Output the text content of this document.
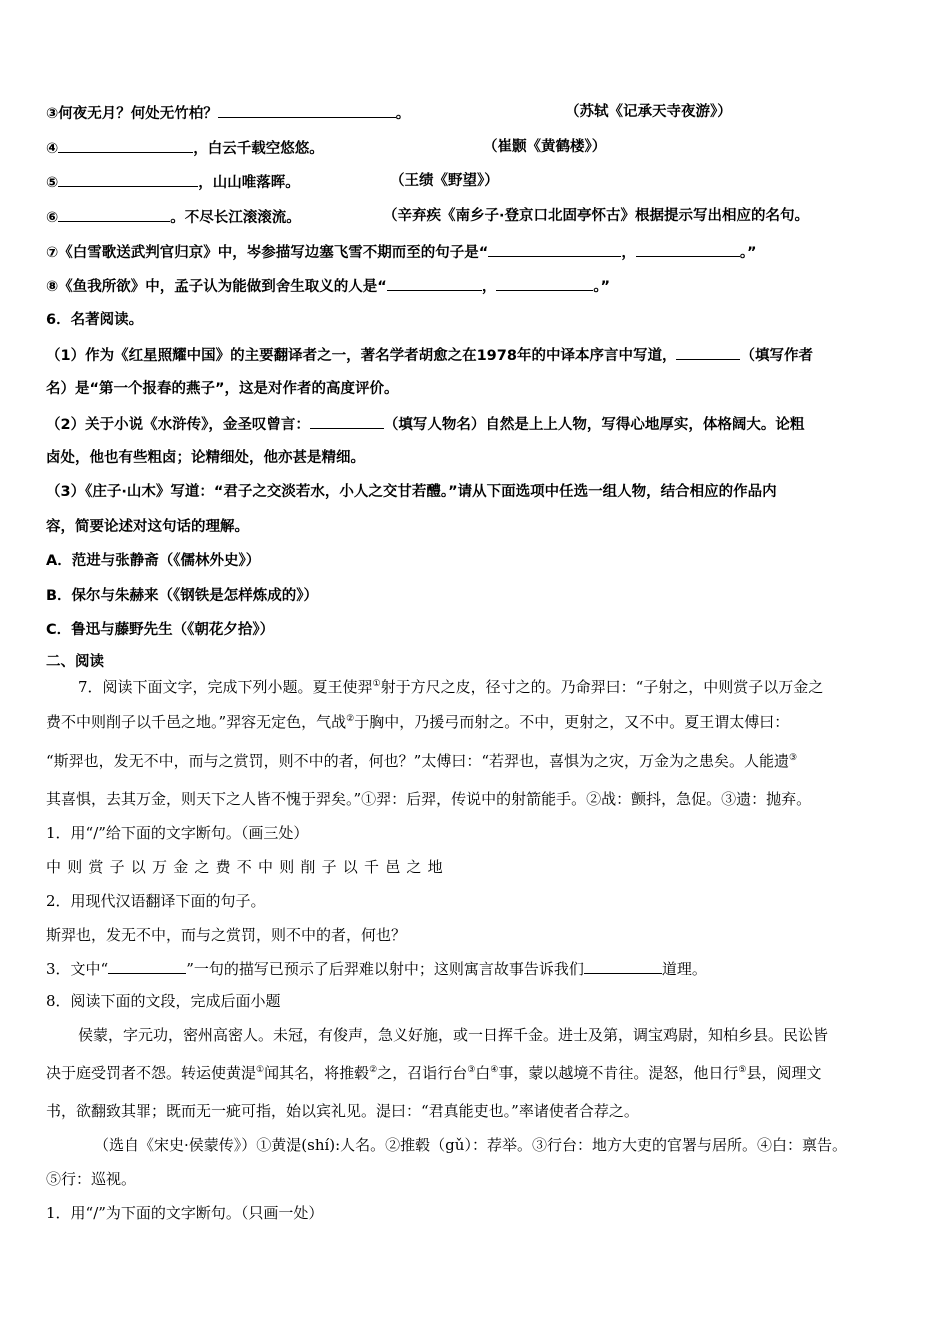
③何夜无月？何处无竹柏？	。	（苏轼《记承天寺夜游》）
④	，白云千载空悠悠。	（崔颢《黄鹤楼》）
⑤	，山山唯落晖。	（王绩《野望》）
⑥	。不尽长江滚滚流。	（辛弃疾《南乡子·登京口北固亭怀古》根据提示写出相应的名句。
⑦《白雪歌送武判官归京》中，岑参描写边塞飞雪不期而至的句子是“	，	。”
⑧《鱼我所欲》中，孟子认为能做到舍生取义的人是“	，	。”
6．名著阅读。
（1）作为《红星照耀中国》的主要翻译者之一，著名学者胡愈之在1978年的中译本序言中写道，	（填写作者
名）是“第一个报春的燕子”，这是对作者的高度评价。
（2）关于小说《水浒传》，金圣叹曾言：	（填写人物名）自然是上上人物，写得心地厚实，体格阔大。论粗
卤处，他也有些粗卤；论精细处，他亦甚是精细。
（3）《庄子·山木》写道：“君子之交淡若水，小人之交甘若醴。”请从下面选项中任选一组人物，结合相应的作品内
容，简要论述对这句话的理解。
A．范进与张静斋（《儒林外史》）
B．保尔与朱赫来（《钢铁是怎样炼成的》）
C．鲁迅与藤野先生（《朝花夕拾》）
二、阅读
7．阅读下面文字，完成下列小题。夏王使羿①射于方尺之皮，径寸之的。乃命羿曰：“子射之，中则赏子以万金之
费不中则削子以千邑之地。”羿容无定色，气战②于胸中，乃援弓而射之。不中，更射之，又不中。夏王谓太傅曰：
“斯羿也，发无不中，而与之赏罚，则不中的者，何也？”太傅曰：“若羿也，喜惧为之灾，万金为之患矣。人能遗③
其喜惧，去其万金，则天下之人皆不愧于羿矣。”①羿：后羿，传说中的射箭能手。②战：颤抖，急促。③遗：抛弃。
1．用“/”给下面的文字断句。（画三处）
中则赏子以万金之费不中则削子以千邑之地
2．用现代汉语翻译下面的句子。
斯羿也，发无不中，而与之赏罚，则不中的者，何也？
3．文中“	”一句的描写已预示了后羿难以射中；这则寓言故事告诉我们	道理。
8．阅读下面的文段，完成后面小题
侯蒙，字元功，密州高密人。未冠，有俊声，急义好施，或一日挥千金。进士及第，调宝鸡尉，知柏乡县。民讼皆
决于庭受罚者不怨。转运使黄湜①闻其名，将推毂②之，召诣行台③白④事，蒙以越境不肯往。湜怒，他日行⑤县，阅理文
书，欲翻致其罪；既而无一疵可指，始以宾礼见。湜曰：“君真能吏也。”率诸使者合荐之。
（选自《宋史·侯蒙传》）①黄湜(shí):人名。②推毂（gǔ）：荐举。③行台：地方大吏的官署与居所。④白：禀告。
⑤行：巡视。
1．用“/”为下面的文字断句。（只画一处）
